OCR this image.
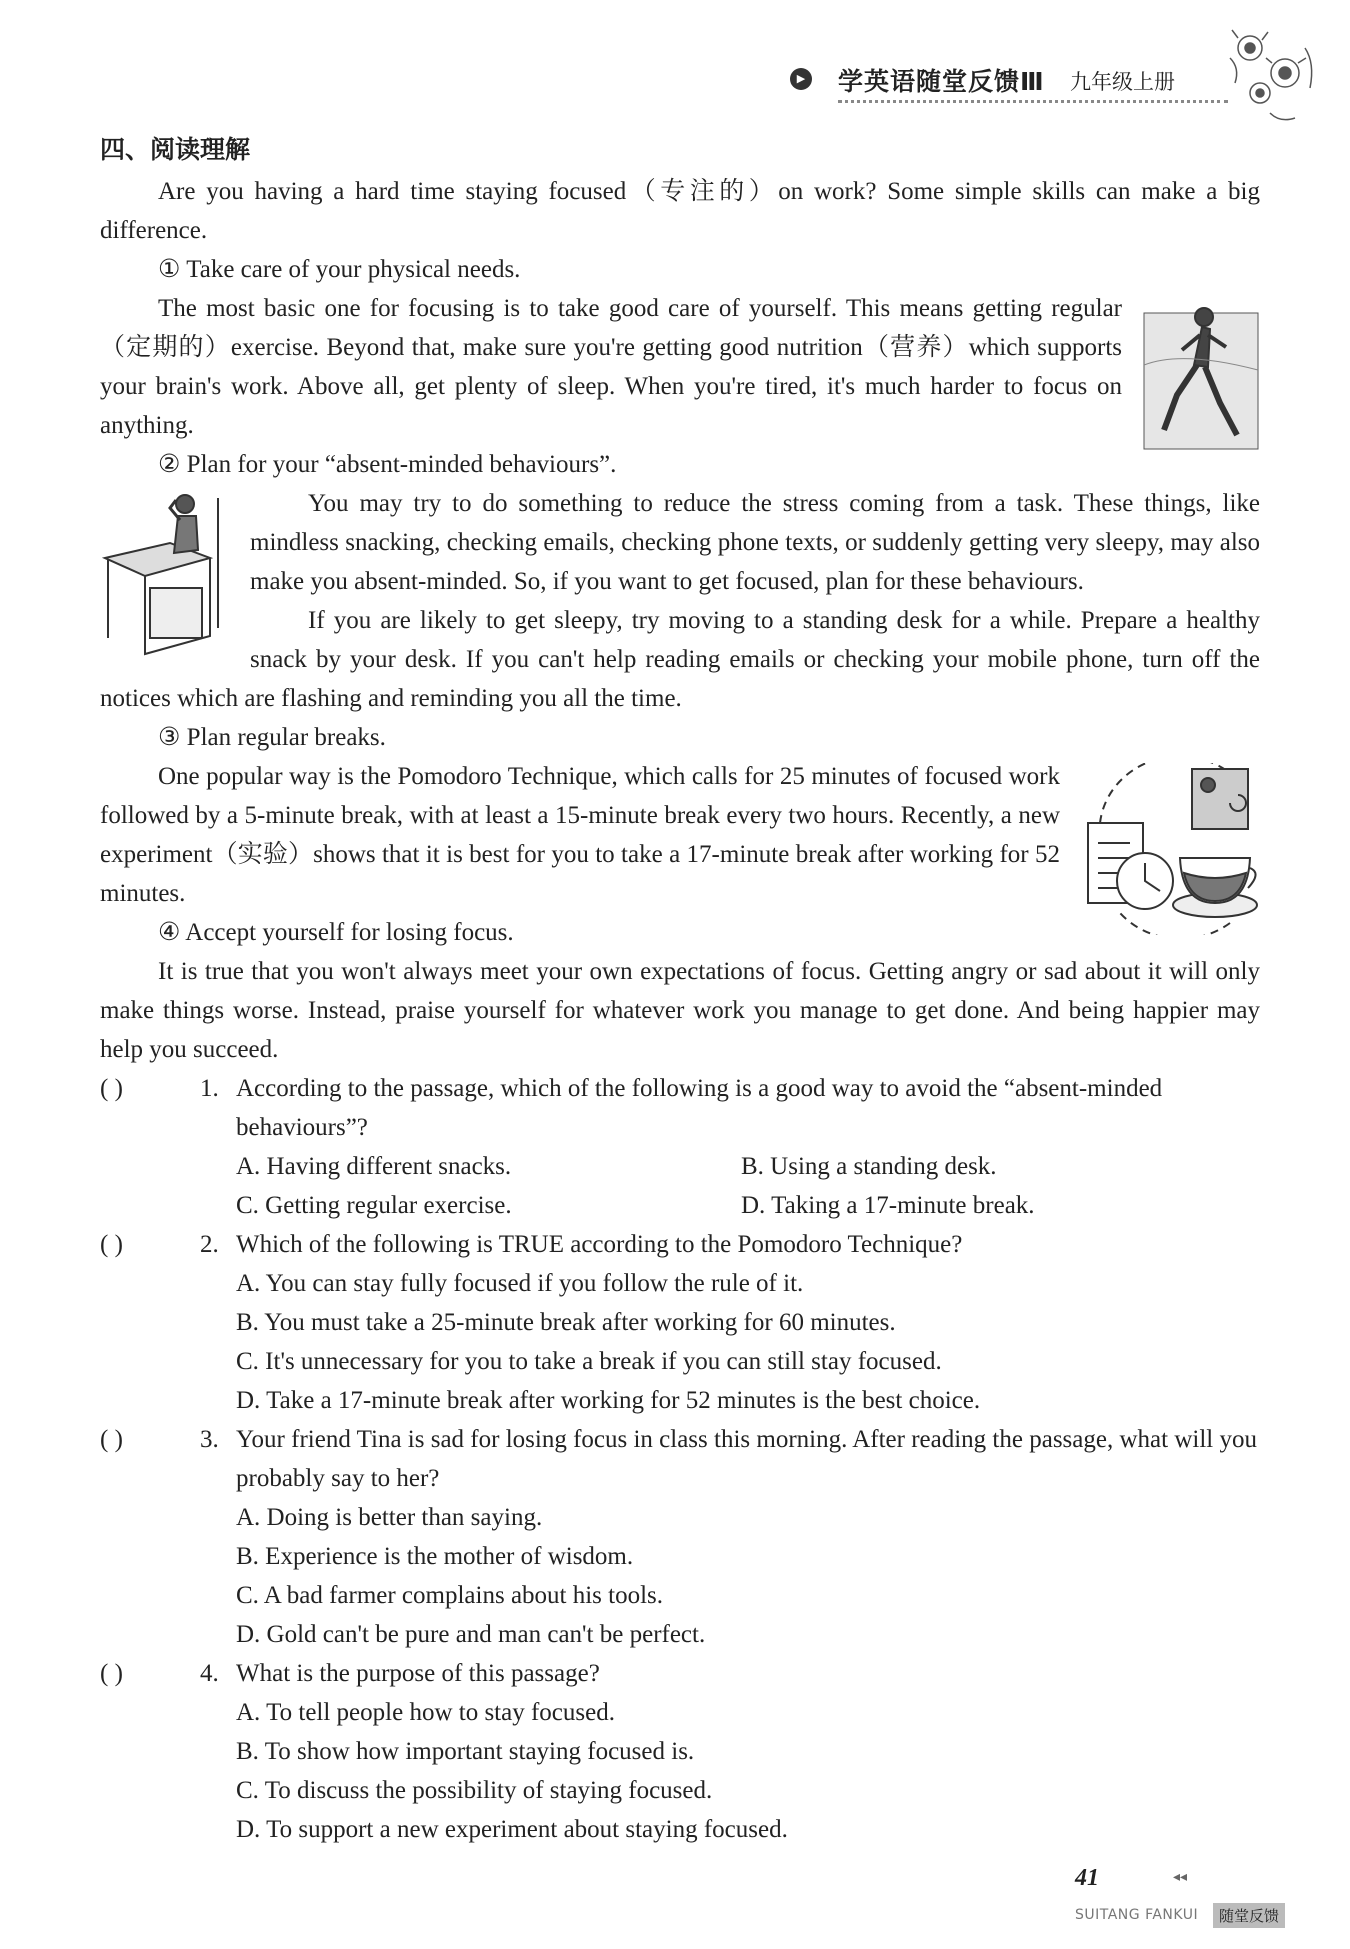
▶ 学英语随堂反馈Ⅲ 九年级上册
四、阅读理解

Are you having a hard time staying focused（专注的）on work? Some simple skills can make a big difference.

① Take care of your physical needs.

The most basic one for focusing is to take good care of yourself. This means getting regular（定期的）exercise. Beyond that, make sure you're getting good nutrition（营养）which supports your brain's work. Above all, get plenty of sleep. When you're tired, it's much harder to focus on anything.

② Plan for your “absent-minded behaviours”.

You may try to do something to reduce the stress coming from a task. These things, like mindless snacking, checking emails, checking phone texts, or suddenly getting very sleepy, may also make you absent-minded. So, if you want to get focused, plan for these behaviours.

If you are likely to get sleepy, try moving to a standing desk for a while. Prepare a healthy snack by your desk. If you can't help reading emails or checking your mobile phone, turn off the notices which are flashing and reminding you all the time.

③ Plan regular breaks.

One popular way is the Pomodoro Technique, which calls for 25 minutes of focused work followed by a 5-minute break, with at least a 15-minute break every two hours. Recently, a new experiment（实验）shows that it is best for you to take a 17-minute break after working for 52 minutes.

④ Accept yourself for losing focus.

It is true that you won't always meet your own expectations of focus. Getting angry or sad about it will only make things worse. Instead, praise yourself for whatever work you manage to get done. And being happier may help you succeed.

( )	1. According to the passage, which of the following is a good way to avoid the “absent-minded behaviours”?
A. Having different snacks.	B. Using a standing desk.
C. Getting regular exercise.	D. Taking a 17-minute break.
( )	2. Which of the following is TRUE according to the Pomodoro Technique?
A. You can stay fully focused if you follow the rule of it.
B. You must take a 25-minute break after working for 60 minutes.
C. It's unnecessary for you to take a break if you can still stay focused.
D. Take a 17-minute break after working for 52 minutes is the best choice.
( )	3. Your friend Tina is sad for losing focus in class this morning. After reading the passage, what will you probably say to her?
A. Doing is better than saying.
B. Experience is the mother of wisdom.
C. A bad farmer complains about his tools.
D. Gold can't be pure and man can't be perfect.
( )	4. What is the purpose of this passage?
A. To tell people how to stay focused.
B. To show how important staying focused is.
C. To discuss the possibility of staying focused.
D. To support a new experiment about staying focused.
41	◂◂
SUITANG FANKUI	随堂反馈
